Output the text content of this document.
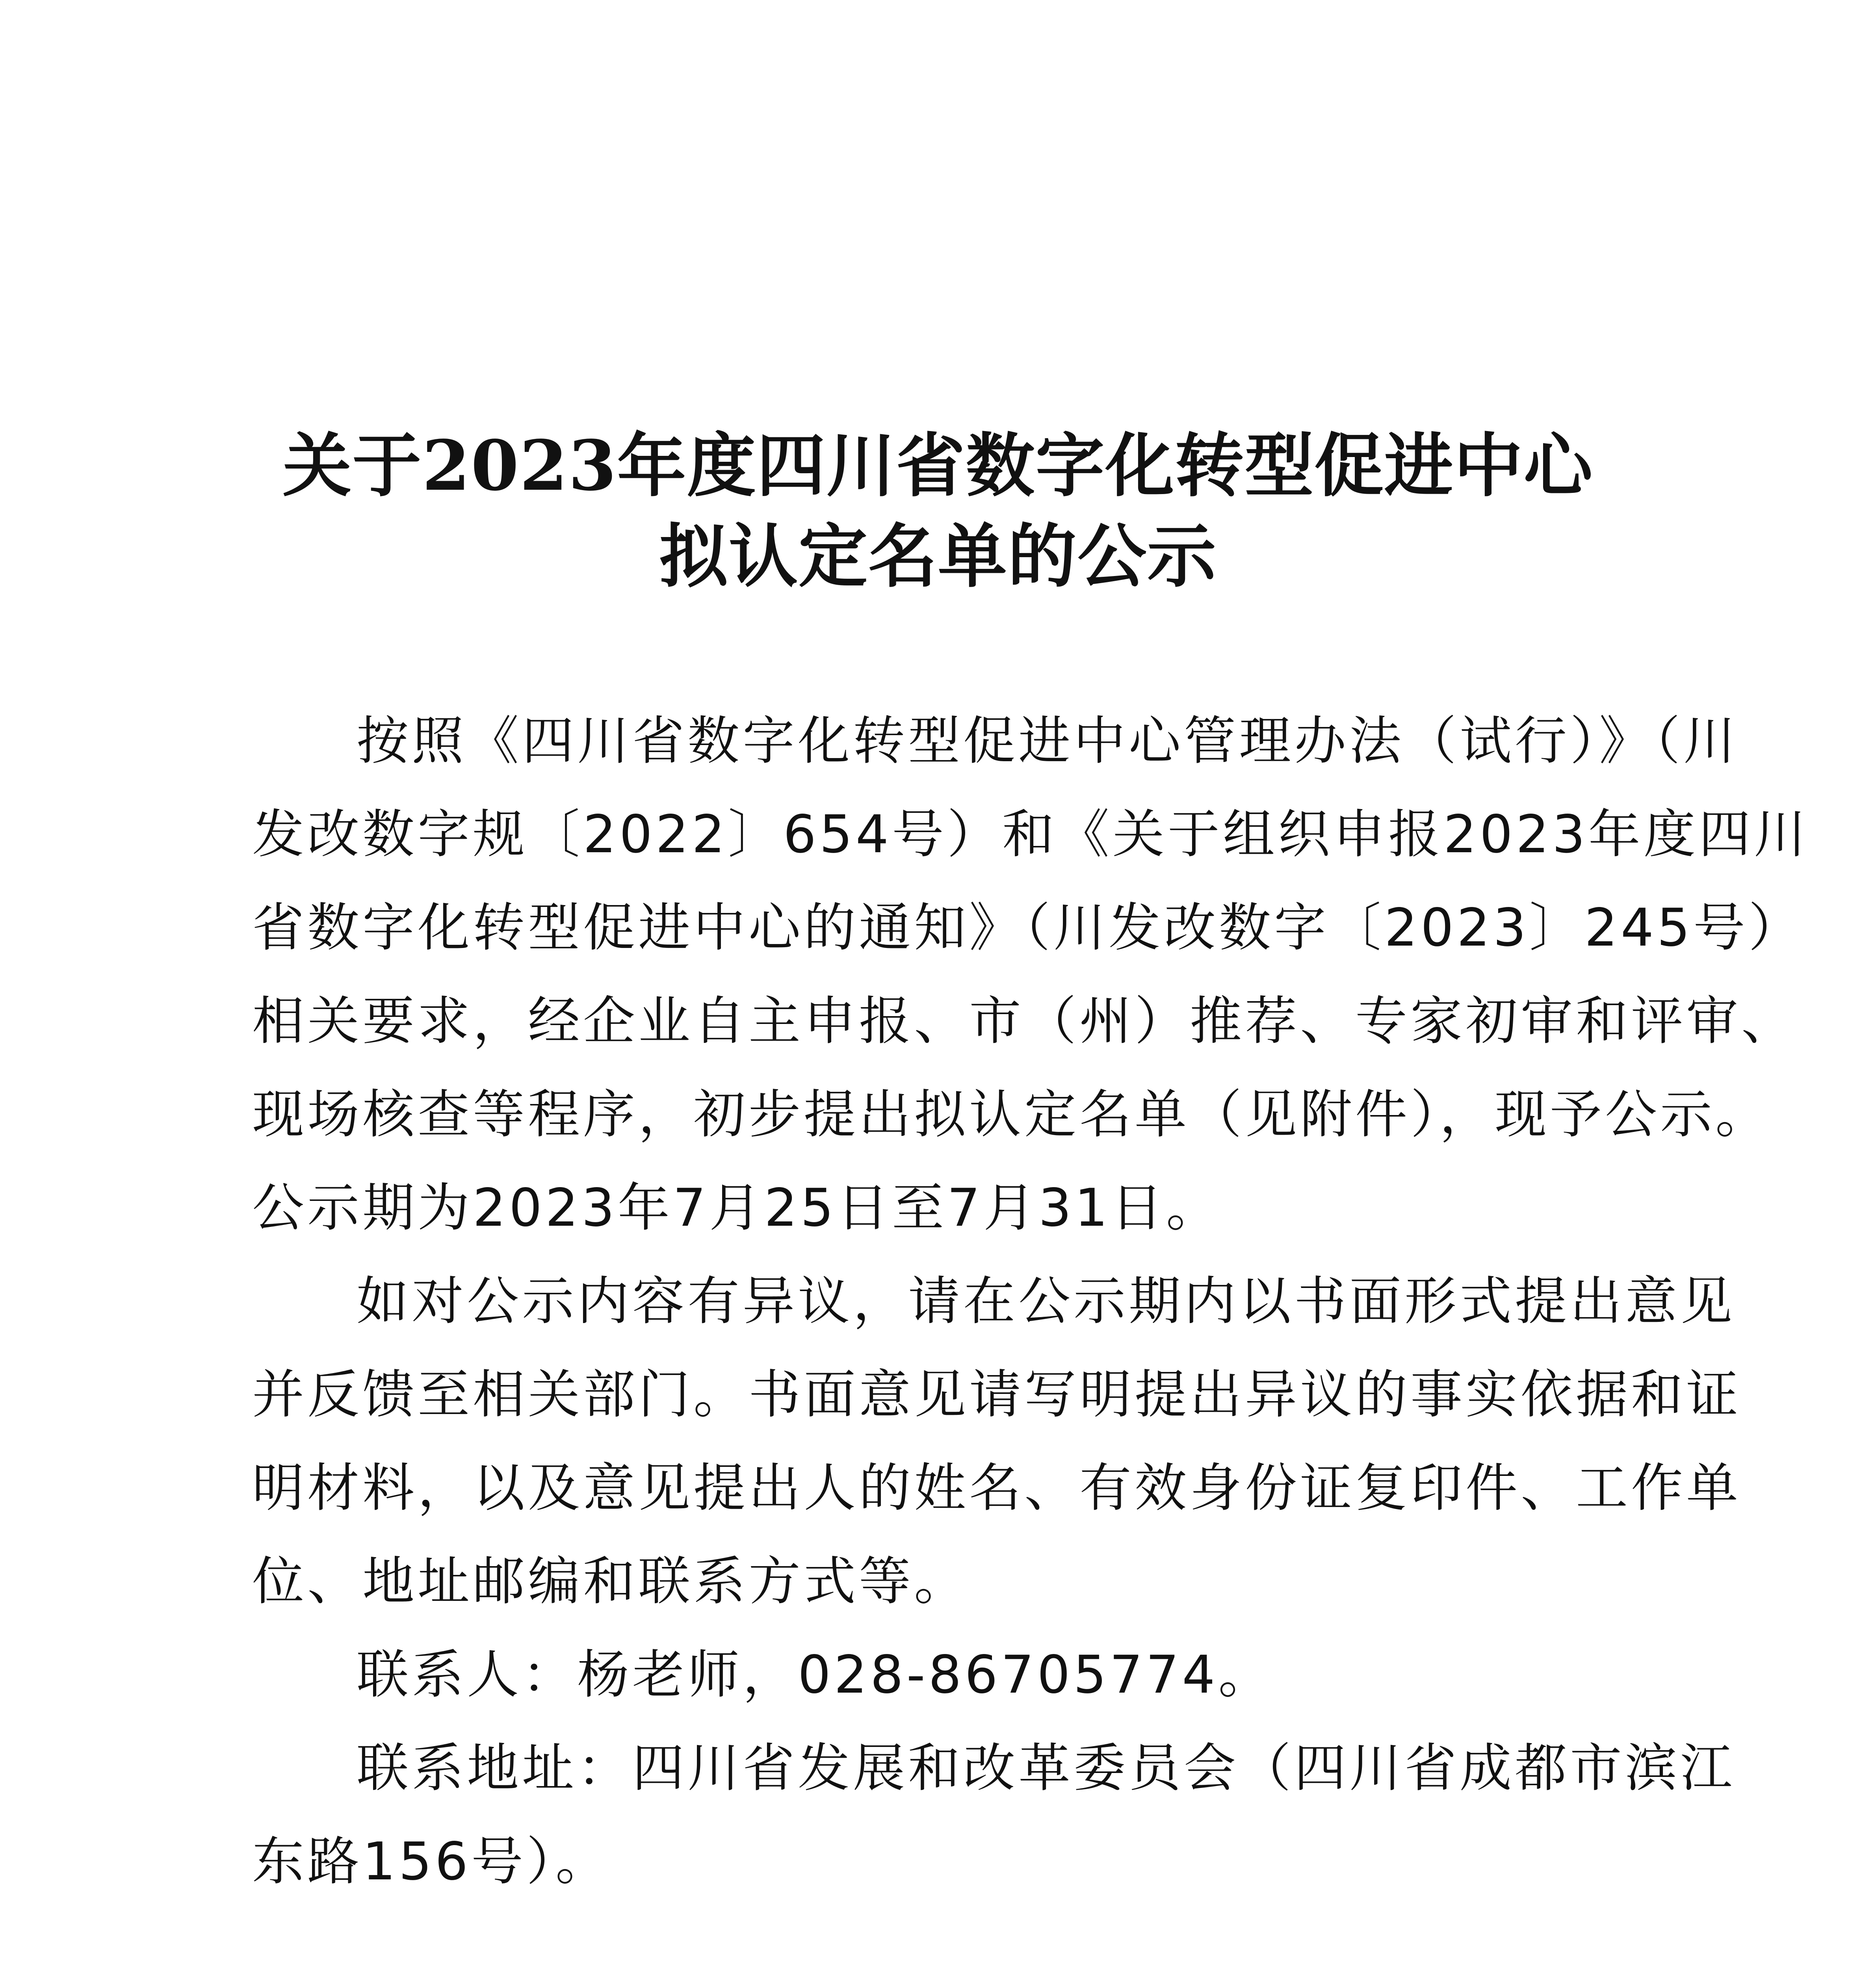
关于2023年度四川省数字化转型促进中心
拟认定名单的公示
按照《四川省数字化转型促进中心管理办法（试行）》（川
发改数字规〔2022〕654号）和《关于组织申报2023年度四川
省数字化转型促进中心的通知》（川发改数字〔2023〕245号）
相关要求，经企业自主申报、市（州）推荐、专家初审和评审、
现场核查等程序，初步提出拟认定名单（见附件），现予公示。
公示期为2023年7月25日至7月31日。
如对公示内容有异议，请在公示期内以书面形式提出意见
并反馈至相关部门。书面意见请写明提出异议的事实依据和证
明材料，以及意见提出人的姓名、有效身份证复印件、工作单
位、地址邮编和联系方式等。
联系人：杨老师，028-86705774。
联系地址：四川省发展和改革委员会（四川省成都市滨江
东路156号）。
